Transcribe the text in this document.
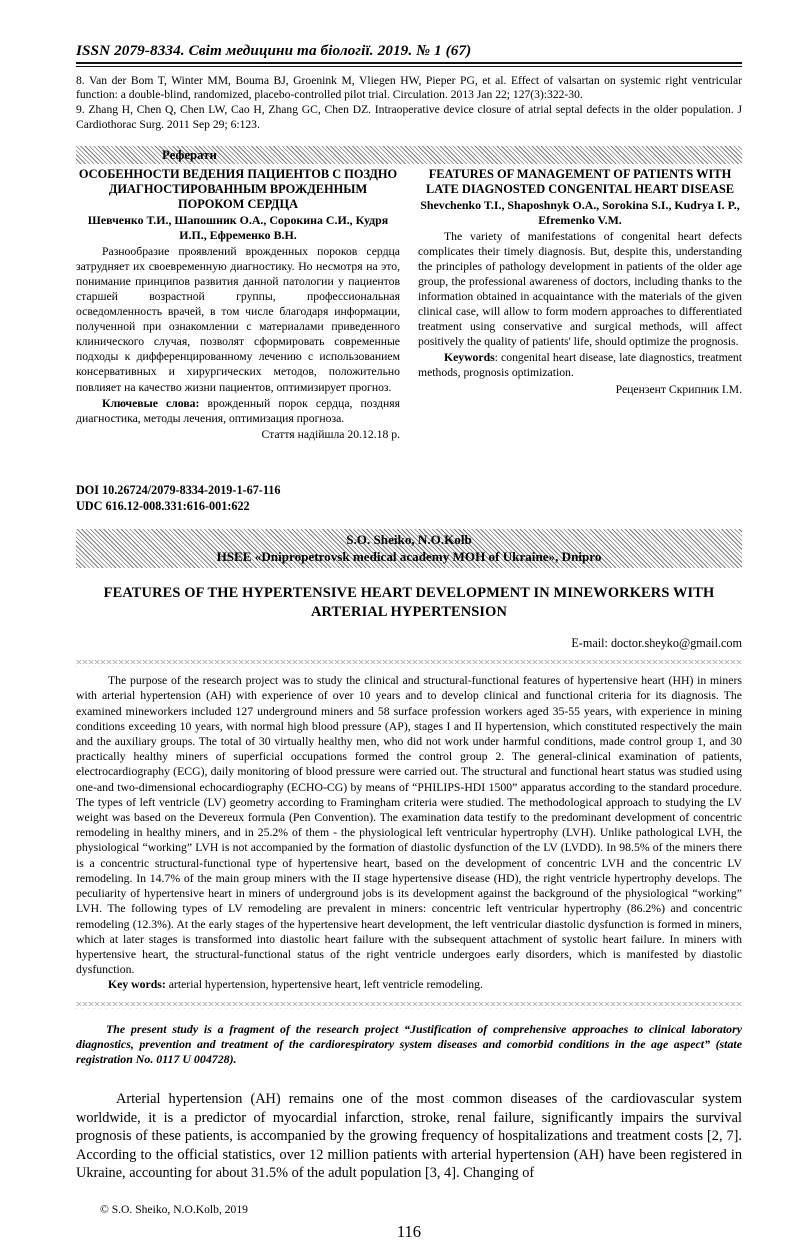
ISSN 2079-8334. Світ медицини та біології. 2019. № 1 (67)

8. Van der Bom T, Winter MM, Bouma BJ, Groenink M, Vliegen HW, Pieper PG, et al. Effect of valsartan on systemic right ventricular function: a double-blind, randomized, placebo-controlled pilot trial. Circulation. 2013 Jan 22; 127(3):322-30.

9. Zhang H, Chen Q, Chen LW, Cao H, Zhang GC, Chen DZ. Intraoperative device closure of atrial septal defects in the older population. J Cardiothorac Surg. 2011 Sep 29; 6:123.

Реферати
ОСОБЕННОСТИ ВЕДЕНИЯ ПАЦИЕНТОВ С ПОЗДНО ДИАГНОСТИРОВАННЫМ ВРОЖДЕННЫМ ПОРОКОМ СЕРДЦА
Шевченко Т.И., Шапошник О.А., Сорокина С.И., Кудря И.П., Ефременко В.Н.
Разнообразие проявлений врожденных пороков сердца затрудняет их своевременную диагностику. Но несмотря на это, понимание принципов развития данной патологии у пациентов старшей возрастной группы, профессиональная осведомленность врачей, в том числе благодаря информации, полученной при ознакомлении с материалами приведенного клинического случая, позволят сформировать современные подходы к дифференцированному лечению с использованием консервативных и хирургических методов, положительно повлияет на качество жизни пациентов, оптимизирует прогноз.
Ключевые слова: врожденный порок сердца, поздняя диагностика, методы лечения, оптимизация прогноза.
Стаття надійшла 20.12.18 р.
FEATURES OF MANAGEMENT OF PATIENTS WITH LATE DIAGNOSTED CONGENITAL HEART DISEASE
Shevchenko T.I., Shaposhnyk O.A., Sorokina S.I., Kudrya I. P., Efremenko V.M.
The variety of manifestations of congenital heart defects complicates their timely diagnosis. But, despite this, understanding the principles of pathology development in patients of the older age group, the professional awareness of doctors, including thanks to the information obtained in acquaintance with the materials of the given clinical case, will allow to form modern approaches to differentiated treatment using conservative and surgical methods, will affect positively the quality of patients' life, should optimize the prognosis.
Keywords: congenital heart disease, late diagnostics, treatment methods, prognosis optimization.
Рецензент Скрипник І.М.
DOI 10.26724/2079-8334-2019-1-67-116
UDC 616.12-008.331:616-001:622
S.O. Sheiko, N.O.Kolb
HSEE «Dnipropetrovsk medical academy MOH of Ukraine», Dnipro
FEATURES OF THE HYPERTENSIVE HEART DEVELOPMENT IN MINEWORKERS WITH ARTERIAL HYPERTENSION
E-mail: doctor.sheyko@gmail.com
The purpose of the research project was to study the clinical and structural-functional features of hypertensive heart (HH) in miners with arterial hypertension (AH) with experience of over 10 years and to develop clinical and functional criteria for its diagnosis. The examined mineworkers included 127 underground miners and 58 surface profession workers aged 35-55 years, with experience in mining conditions exceeding 10 years, with normal high blood pressure (AP), stages I and II hypertension, which constituted respectively the main and the auxiliary groups. The total of 30 virtually healthy men, who did not work under harmful conditions, made control group 1, and 30 practically healthy miners of superficial occupations formed the control group 2. The general-clinical examination of patients, electrocardiography (ECG), daily monitoring of blood pressure were carried out. The structural and functional heart status was studied using one-and two-dimensional echocardiography (ECHO-CG) by means of “PHILIPS-HDI 1500” apparatus according to the standard procedure. The types of left ventricle (LV) geometry according to Framingham criteria were studied. The methodological approach to studying the LV weight was based on the Devereux formula (Pen Convention). The examination data testify to the predominant development of concentric remodeling in healthy miners, and in 25.2% of them - the physiological left ventricular hypertrophy (LVH). Unlike pathological LVH, the physiological “working” LVH is not accompanied by the formation of diastolic dysfunction of the LV (LVDD). In 98.5% of the miners there is a concentric structural-functional type of hypertensive heart, based on the development of concentric LVH and the concentric LV remodeling. In 14.7% of the main group miners with the II stage hypertensive disease (HD), the right ventricle hypertrophy develops. The peculiarity of hypertensive heart in miners of underground jobs is its development against the background of the physiological “working” LVH. The following types of LV remodeling are prevalent in miners: concentric left ventricular hypertrophy (86.2%) and concentric remodeling (12.3%). At the early stages of the hypertensive heart development, the left ventricular diastolic dysfunction is formed in miners, which at later stages is transformed into diastolic heart failure with the subsequent attachment of systolic heart failure. In miners with hypertensive heart, the structural-functional status of the right ventricle undergoes early disorders, which is manifested by diastolic dysfunction.
Key words: arterial hypertension, hypertensive heart, left ventricle remodeling.
The present study is a fragment of the research project “Justification of comprehensive approaches to clinical laboratory diagnostics, prevention and treatment of the cardiorespiratory system diseases and comorbid conditions in the age aspect” (state registration No. 0117 U 004728).
Arterial hypertension (AH) remains one of the most common diseases of the cardiovascular system worldwide, it is a predictor of myocardial infarction, stroke, renal failure, significantly impairs the survival prognosis of these patients, is accompanied by the growing frequency of hospitalizations and treatment costs [2, 7]. According to the official statistics, over 12 million patients with arterial hypertension (AH) have been registered in Ukraine, accounting for about 31.5% of the adult population [3, 4]. Changing of
© S.O. Sheiko, N.O.Kolb, 2019
116
